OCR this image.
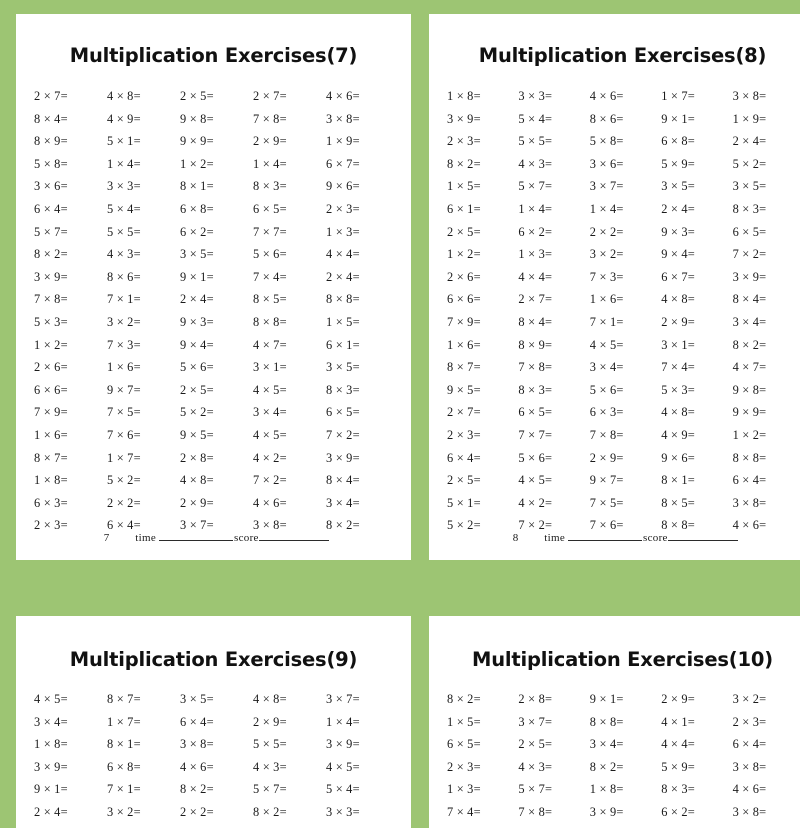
Multiplication Exercises(7)
2 × 7=	4 × 8=	2 × 5=	2 × 7=	4 × 6=
8 × 4=	4 × 9=	9 × 8=	7 × 8=	3 × 8=
8 × 9=	5 × 1=	9 × 9=	2 × 9=	1 × 9=
5 × 8=	1 × 4=	1 × 2=	1 × 4=	6 × 7=
3 × 6=	3 × 3=	8 × 1=	8 × 3=	9 × 6=
6 × 4=	5 × 4=	6 × 8=	6 × 5=	2 × 3=
5 × 7=	5 × 5=	6 × 2=	7 × 7=	1 × 3=
8 × 2=	4 × 3=	3 × 5=	5 × 6=	4 × 4=
3 × 9=	8 × 6=	9 × 1=	7 × 4=	2 × 4=
7 × 8=	7 × 1=	2 × 4=	8 × 5=	8 × 8=
5 × 3=	3 × 2=	9 × 3=	8 × 8=	1 × 5=
1 × 2=	7 × 3=	9 × 4=	4 × 7=	6 × 1=
2 × 6=	1 × 6=	5 × 6=	3 × 1=	3 × 5=
6 × 6=	9 × 7=	2 × 5=	4 × 5=	8 × 3=
7 × 9=	7 × 5=	5 × 2=	3 × 4=	6 × 5=
1 × 6=	7 × 6=	9 × 5=	4 × 5=	7 × 2=
8 × 7=	1 × 7=	2 × 8=	4 × 2=	3 × 9=
1 × 8=	5 × 2=	4 × 8=	7 × 2=	8 × 4=
6 × 3=	2 × 2=	2 × 9=	4 × 6=	3 × 4=
2 × 3=	6 × 4=	3 × 7=	3 × 8=	8 × 2=
7 time	score
Multiplication Exercises(8)
1 × 8=	3 × 3=	4 × 6=	1 × 7=	3 × 8=
3 × 9=	5 × 4=	8 × 6=	9 × 1=	1 × 9=
2 × 3=	5 × 5=	5 × 8=	6 × 8=	2 × 4=
8 × 2=	4 × 3=	3 × 6=	5 × 9=	5 × 2=
1 × 5=	5 × 7=	3 × 7=	3 × 5=	3 × 5=
6 × 1=	1 × 4=	1 × 4=	2 × 4=	8 × 3=
2 × 5=	6 × 2=	2 × 2=	9 × 3=	6 × 5=
1 × 2=	1 × 3=	3 × 2=	9 × 4=	7 × 2=
2 × 6=	4 × 4=	7 × 3=	6 × 7=	3 × 9=
6 × 6=	2 × 7=	1 × 6=	4 × 8=	8 × 4=
7 × 9=	8 × 4=	7 × 1=	2 × 9=	3 × 4=
1 × 6=	8 × 9=	4 × 5=	3 × 1=	8 × 2=
8 × 7=	7 × 8=	3 × 4=	7 × 4=	4 × 7=
9 × 5=	8 × 3=	5 × 6=	5 × 3=	9 × 8=
2 × 7=	6 × 5=	6 × 3=	4 × 8=	9 × 9=
2 × 3=	7 × 7=	7 × 8=	4 × 9=	1 × 2=
6 × 4=	5 × 6=	2 × 9=	9 × 6=	8 × 8=
2 × 5=	4 × 5=	9 × 7=	8 × 1=	6 × 4=
5 × 1=	4 × 2=	7 × 5=	8 × 5=	3 × 8=
5 × 2=	7 × 2=	7 × 6=	8 × 8=	4 × 6=
8 time	score
Multiplication Exercises(9)
4 × 5=	8 × 7=	3 × 5=	4 × 8=	3 × 7=
3 × 4=	1 × 7=	6 × 4=	2 × 9=	1 × 4=
1 × 8=	8 × 1=	3 × 8=	5 × 5=	3 × 9=
3 × 9=	6 × 8=	4 × 6=	4 × 3=	4 × 5=
9 × 1=	7 × 1=	8 × 2=	5 × 7=	5 × 4=
2 × 4=	3 × 2=	2 × 2=	8 × 2=	3 × 3=
Multiplication Exercises(10)
8 × 2=	2 × 8=	9 × 1=	2 × 9=	3 × 2=
1 × 5=	3 × 7=	8 × 8=	4 × 1=	2 × 3=
6 × 5=	2 × 5=	3 × 4=	4 × 4=	6 × 4=
2 × 3=	4 × 3=	8 × 2=	5 × 9=	3 × 8=
1 × 3=	5 × 7=	1 × 8=	8 × 3=	4 × 6=
7 × 4=	7 × 8=	3 × 9=	6 × 2=	3 × 8=
